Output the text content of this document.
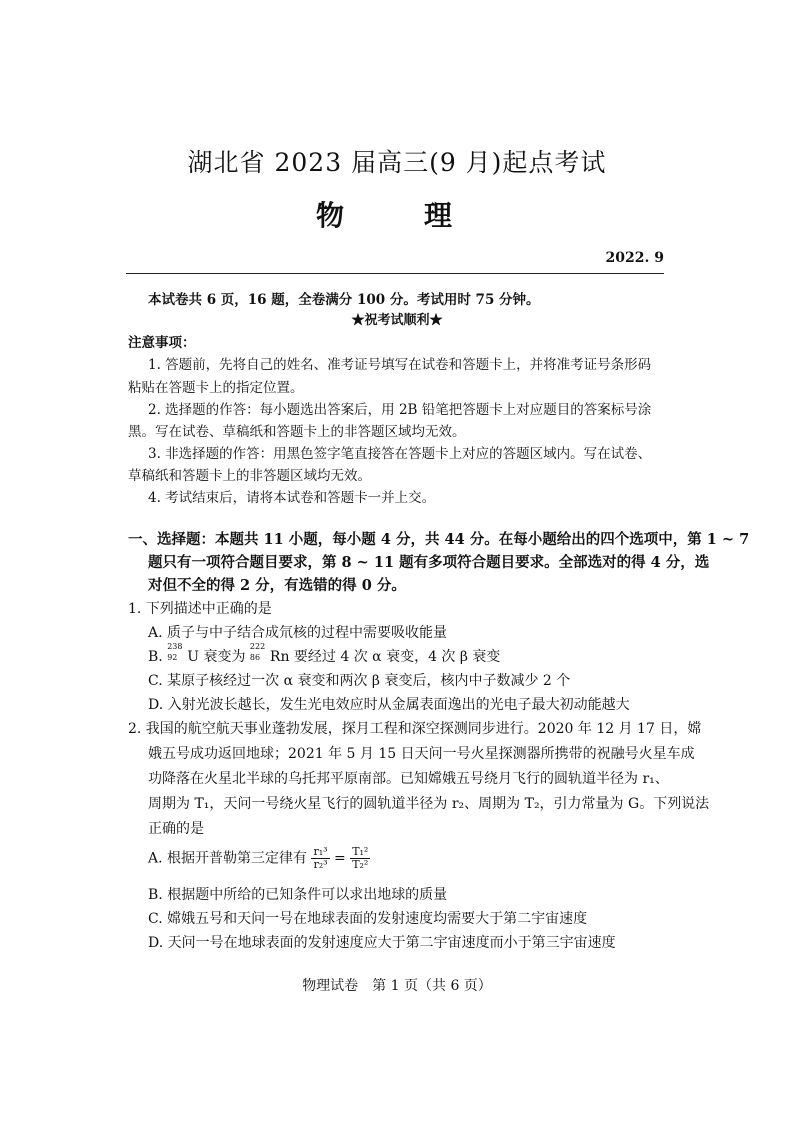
湖北省 2023 届高三(9 月)起点考试
物　理
2022. 9
本试卷共 6 页，16 题，全卷满分 100 分。考试用时 75 分钟。
★祝考试顺利★
注意事项：
1. 答题前，先将自己的姓名、准考证号填写在试卷和答题卡上，并将准考证号条形码
粘贴在答题卡上的指定位置。
2. 选择题的作答：每小题选出答案后，用 2B 铅笔把答题卡上对应题目的答案标号涂
黑。写在试卷、草稿纸和答题卡上的非答题区域均无效。
3. 非选择题的作答：用黑色签字笔直接答在答题卡上对应的答题区域内。写在试卷、
草稿纸和答题卡上的非答题区域均无效。
4. 考试结束后，请将本试卷和答题卡一并上交。
一、选择题：本题共 11 小题，每小题 4 分，共 44 分。在每小题给出的四个选项中，第 1 ~ 7
题只有一项符合题目要求，第 8 ~ 11 题有多项符合题目要求。全部选对的得 4 分，选
对但不全的得 2 分，有选错的得 0 分。
1. 下列描述中正确的是
A. 质子与中子结合成氘核的过程中需要吸收能量
B.
238
92 U 衰变为
222
86 Rn 要经过 4 次 α 衰变，4 次 β 衰变
C. 某原子核经过一次 α 衰变和两次 β 衰变后，核内中子数减少 2 个
D. 入射光波长越长，发生光电效应时从金属表面逸出的光电子最大初动能越大
2. 我国的航空航天事业蓬勃发展，探月工程和深空探测同步进行。2020 年 12 月 17 日，嫦
娥五号成功返回地球；2021 年 5 月 15 日天问一号火星探测器所携带的祝融号火星车成
功降落在火星北半球的乌托邦平原南部。已知嫦娥五号绕月飞行的圆轨道半径为 r₁、
周期为 T₁，天问一号绕火星飞行的圆轨道半径为 r₂、周期为 T₂，引力常量为 G。下列说法
正确的是
A. 根据开普勒第三定律有 $\frac{\text{r₁³}}{\text{r₂³}} = \frac{\text{T₁²}}{\text{T₂²}}$
B. 根据题中所给的已知条件可以求出地球的质量
C. 嫦娥五号和天问一号在地球表面的发射速度均需要大于第二宇宙速度
D. 天问一号在地球表面的发射速度应大于第二宇宙速度而小于第三宇宙速度
物理试卷　第 1 页（共 6 页）
